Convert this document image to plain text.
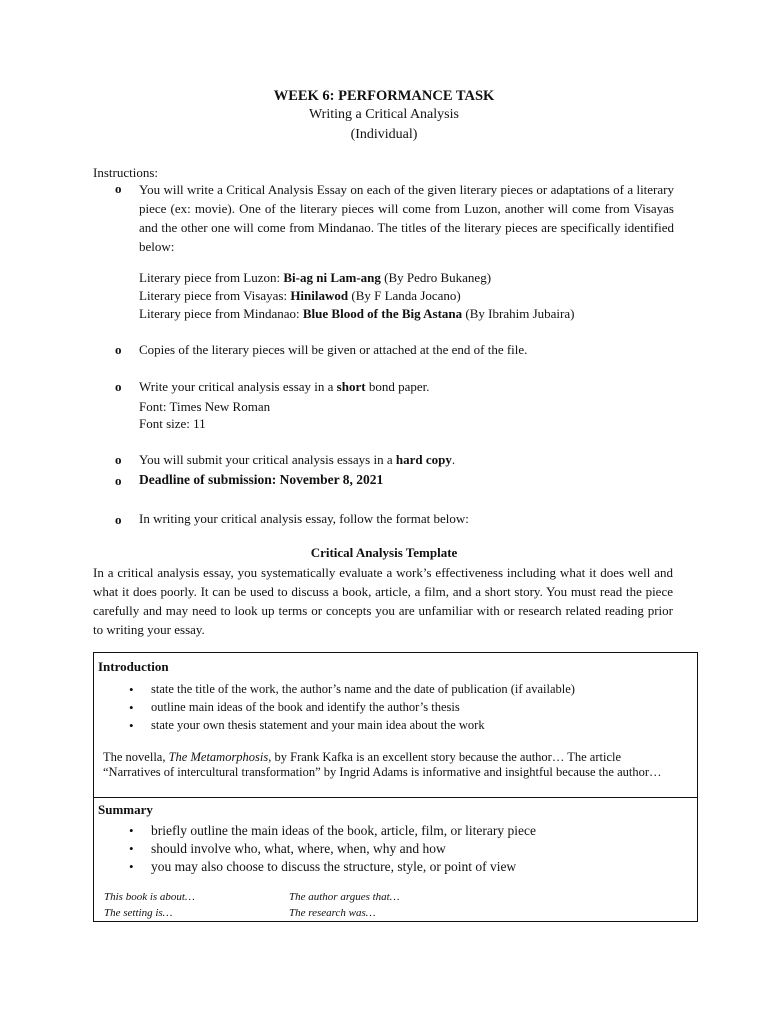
WEEK 6: PERFORMANCE TASK
Writing a Critical Analysis
(Individual)
Instructions:
o You will write a Critical Analysis Essay on each of the given literary pieces or adaptations of a literary piece (ex: movie). One of the literary pieces will come from Luzon, another will come from Visayas and the other one will come from Mindanao. The titles of the literary pieces are specifically identified below:
Literary piece from Luzon: Bi-ag ni Lam-ang (By Pedro Bukaneg)
Literary piece from Visayas: Hinilawod (By F Landa Jocano)
Literary piece from Mindanao: Blue Blood of the Big Astana (By Ibrahim Jubaira)
o Copies of the literary pieces will be given or attached at the end of the file.
o Write your critical analysis essay in a short bond paper.
Font: Times New Roman
Font size: 11
o You will submit your critical analysis essays in a hard copy.
o Deadline of submission: November 8, 2021
o In writing your critical analysis essay, follow the format below:
Critical Analysis Template
In a critical analysis essay, you systematically evaluate a work’s effectiveness including what it does well and what it does poorly. It can be used to discuss a book, article, a film, and a short story. You must read the piece carefully and may need to look up terms or concepts you are unfamiliar with or research related reading prior to writing your essay.
Introduction
• state the title of the work, the author’s name and the date of publication (if available)
• outline main ideas of the book and identify the author’s thesis
• state your own thesis statement and your main idea about the work
The novella, The Metamorphosis, by Frank Kafka is an excellent story because the author… The article “Narratives of intercultural transformation” by Ingrid Adams is informative and insightful because the author…
Summary
• briefly outline the main ideas of the book, article, film, or literary piece
• should involve who, what, where, when, why and how
• you may also choose to discuss the structure, style, or point of view
This book is about…	The author argues that…
The setting is…	The research was…
